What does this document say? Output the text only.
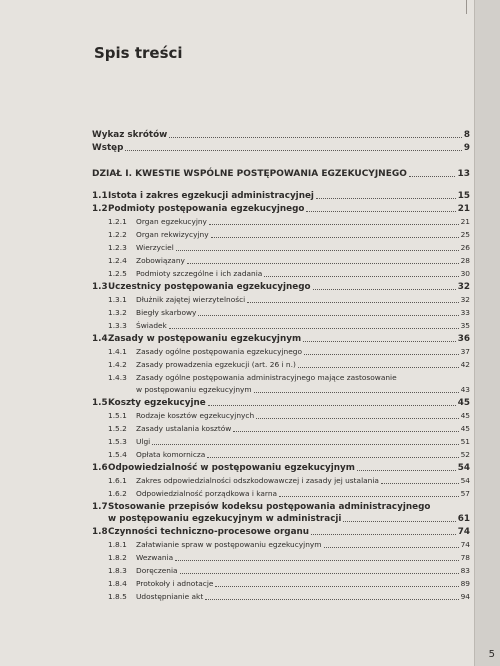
Spis treści
Wykaz skrótów	8
Wstęp	9
DZIAŁ I. KWESTIE WSPÓLNE POSTĘPOWANIA EGZEKUCYJNEGO	13
1.1Istota i zakres egzekucji administracyjnej	15
1.2Podmioty postępowania egzekucyjnego	21
1.2.1 Organ egzekucyjny	21
1.2.2 Organ rekwizycyjny	25
1.2.3 Wierzyciel	26
1.2.4 Zobowiązany	28
1.2.5 Podmioty szczególne i ich zadania	30
1.3Uczestnicy postępowania egzekucyjnego	32
1.3.1 Dłużnik zajętej wierzytelności	32
1.3.2 Biegły skarbowy	33
1.3.3 Świadek	35
1.4Zasady w postępowaniu egzekucyjnym	36
1.4.1 Zasady ogólne postępowania egzekucyjnego	37
1.4.2 Zasady prowadzenia egzekucji (art. 26 i n.)	42
1.4.3	Zasady ogólne postępowania administracyjnego mające zastosowanie
w postępowaniu egzekucyjnym	43
1.5Koszty egzekucyjne	45
1.5.1 Rodzaje kosztów egzekucyjnych	45
1.5.2 Zasady ustalania kosztów	45
1.5.3 Ulgi	51
1.5.4 Opłata komornicza	52
1.6Odpowiedzialność w postępowaniu egzekucyjnym	54
1.6.1 Zakres odpowiedzialności odszkodowawczej i zasady jej ustalania	54
1.6.2 Odpowiedzialność porządkowa i karna	57
1.7 Stosowanie przepisów kodeksu postępowania administracyjnego
w postępowaniu egzekucyjnym w administracji	61
1.8Czynności techniczno-procesowe organu	74
1.8.1 Załatwianie spraw w postępowaniu egzekucyjnym	74
1.8.2 Wezwania	78
1.8.3 Doręczenia	83
1.8.4 Protokoły i adnotacje	89
1.8.5 Udostępnianie akt	94
5
